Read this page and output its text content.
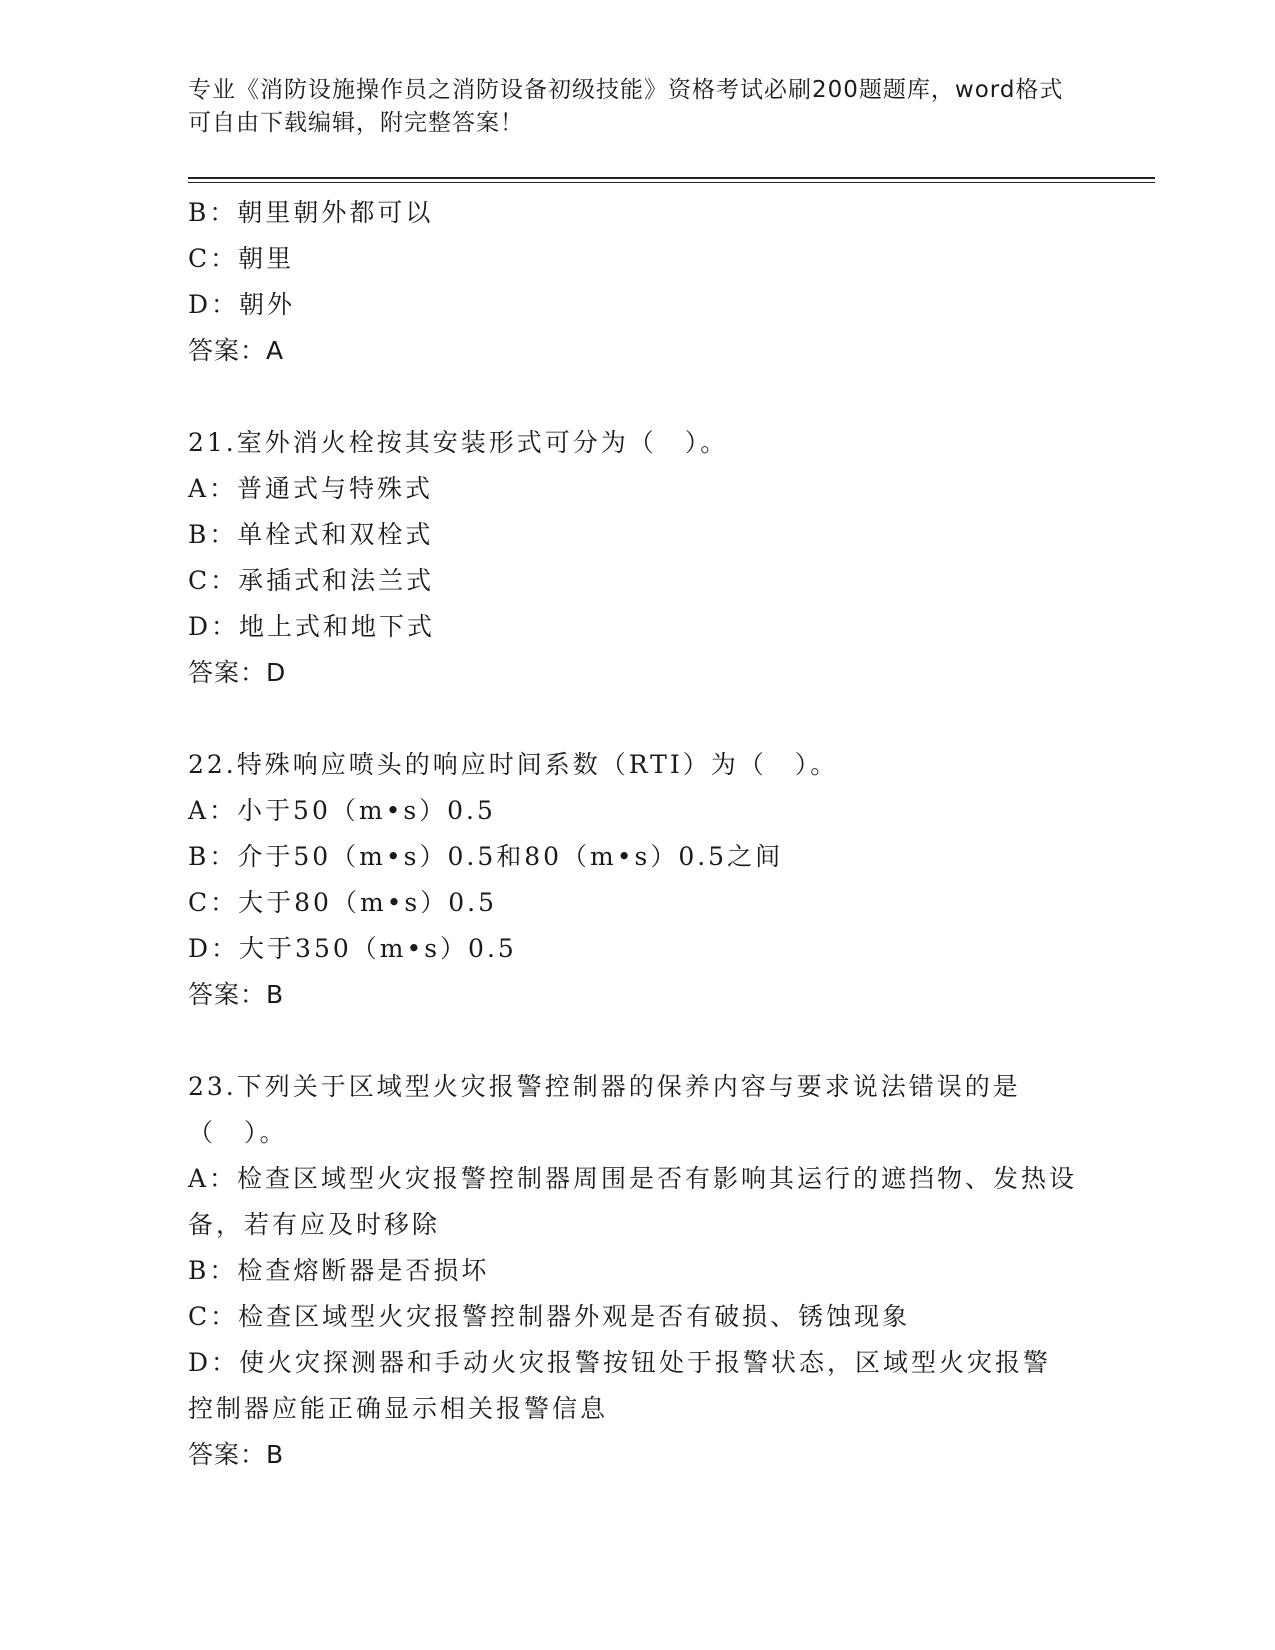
专业《消防设施操作员之消防设备初级技能》资格考试必刷200题题库，word格式可自由下载编辑，附完整答案！

B：朝里朝外都可以

C：朝里

D：朝外

答案：A

21.室外消火栓按其安装形式可分为（　）。

A：普通式与特殊式

B：单栓式和双栓式

C：承插式和法兰式

D：地上式和地下式

答案：D

22.特殊响应喷头的响应时间系数（RTI）为（　）。

A：小于50（m•s）0.5

B：介于50（m•s）0.5和80（m•s）0.5之间

C：大于80（m•s）0.5

D：大于350（m•s）0.5

答案：B

23.下列关于区域型火灾报警控制器的保养内容与要求说法错误的是（　）。

A：检查区域型火灾报警控制器周围是否有影响其运行的遮挡物、发热设备，若有应及时移除

B：检查熔断器是否损坏

C：检查区域型火灾报警控制器外观是否有破损、锈蚀现象

D：使火灾探测器和手动火灾报警按钮处于报警状态，区域型火灾报警控制器应能正确显示相关报警信息

答案：B
